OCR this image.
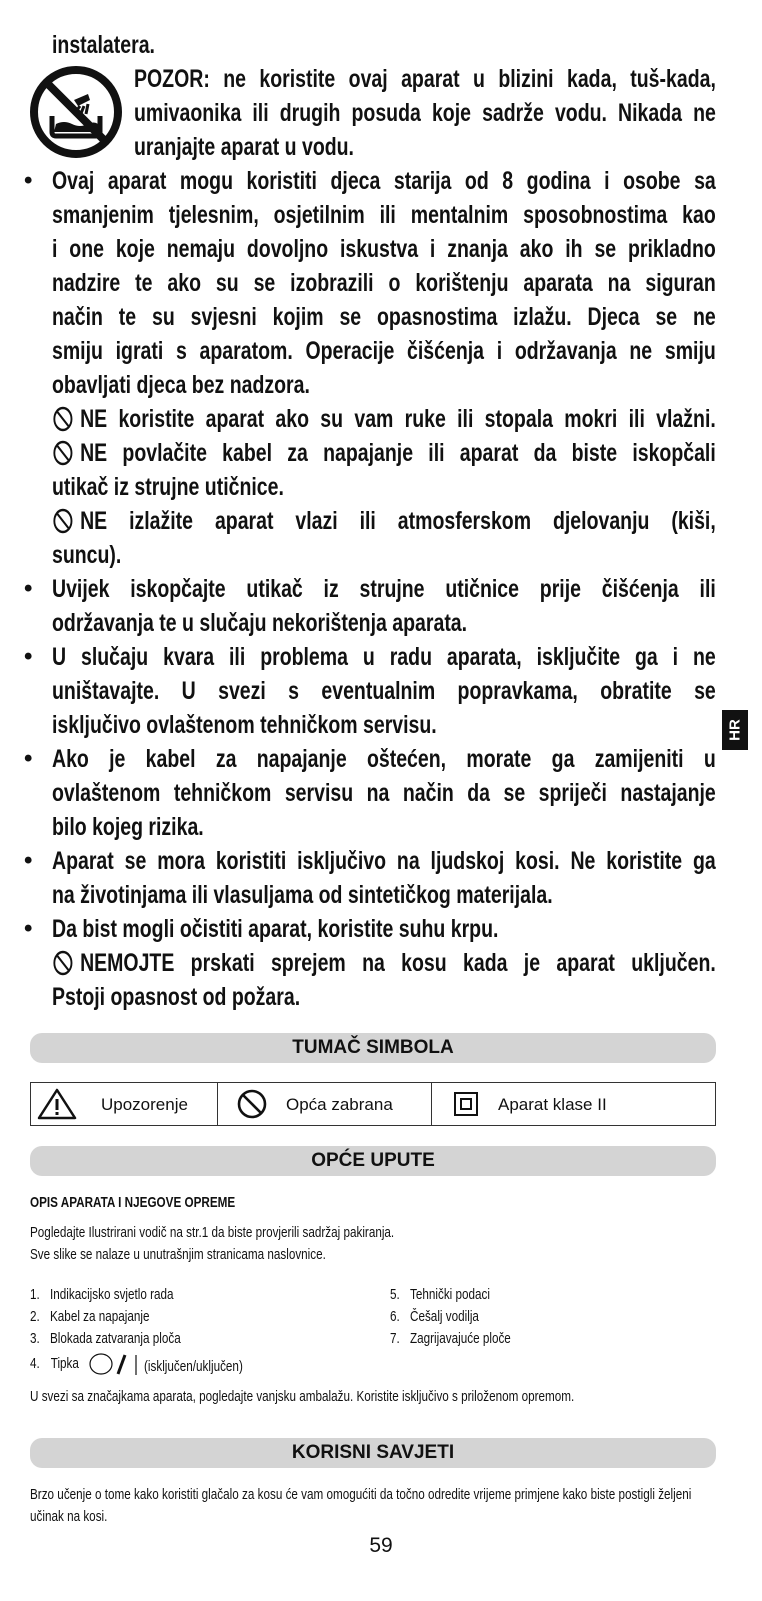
instalatera.
POZOR: ne koristite ovaj aparat u blizini kada, tuš-kada,
umivaonika ili drugih posuda koje sadrže vodu. Nikada ne
uranjajte aparat u vodu.
• Ovaj aparat mogu koristiti djeca starija od 8 godina i osobe sa
smanjenim tjelesnim, osjetilnim ili mentalnim sposobnostima kao
i one koje nemaju dovoljno iskustva i znanja ako ih se prikladno
nadzire te ako su se izobrazili o korištenju aparata na siguran
način te su svjesni kojim se opasnostima izlažu. Djeca se ne
smiju igrati s aparatom. Operacije čišćenja i održavanja ne smiju
obavljati djeca bez nadzora.
NE koristite aparat ako su vam ruke ili stopala mokri ili vlažni.
NE povlačite kabel za napajanje ili aparat da biste iskopčali
utikač iz strujne utičnice.
NE izlažite aparat vlazi ili atmosferskom djelovanju (kiši,
suncu).
• Uvijek iskopčajte utikač iz strujne utičnice prije čišćenja ili
održavanja te u slučaju nekorištenja aparata.
• U slučaju kvara ili problema u radu aparata, isključite ga i ne
uništavajte. U svezi s eventualnim popravkama, obratite se
isključivo ovlaštenom tehničkom servisu.
• Ako je kabel za napajanje oštećen, morate ga zamijeniti u
ovlaštenom tehničkom servisu na način da se spriječi nastajanje
bilo kojeg rizika.
• Aparat se mora koristiti isključivo na ljudskoj kosi. Ne koristite ga
na životinjama ili vlasuljama od sintetičkog materijala.
• Da bist mogli očistiti aparat, koristite suhu krpu.
NEMOJTE prskati sprejem na kosu kada je aparat uključen.
Pstoji opasnost od požara.
HR
TUMAČ SIMBOLA
Upozorenje	Opća zabrana	Aparat klase II
OPĆE UPUTE
OPIS APARATA I NJEGOVE OPREME
Pogledajte Ilustrirani vodič na str.1 da biste provjerili sadržaj pakiranja.
Sve slike se nalaze u unutrašnjim stranicama naslovnice.
1. Indikacijsko svjetlo rada
2. Kabel za napajanje
3. Blokada zatvaranja ploča
5. Tehnički podaci
6. Češalj vodilja
7. Zagrijavajuće ploče
4. Tipka	(isključen/uključen)
U svezi sa značajkama aparata, pogledajte vanjsku ambalažu. Koristite isključivo s priloženom opremom.
KORISNI SAVJETI
Brzo učenje o tome kako koristiti glačalo za kosu će vam omogućiti da točno odredite vrijeme primjene kako biste postigli željeni
učinak na kosi.
59
